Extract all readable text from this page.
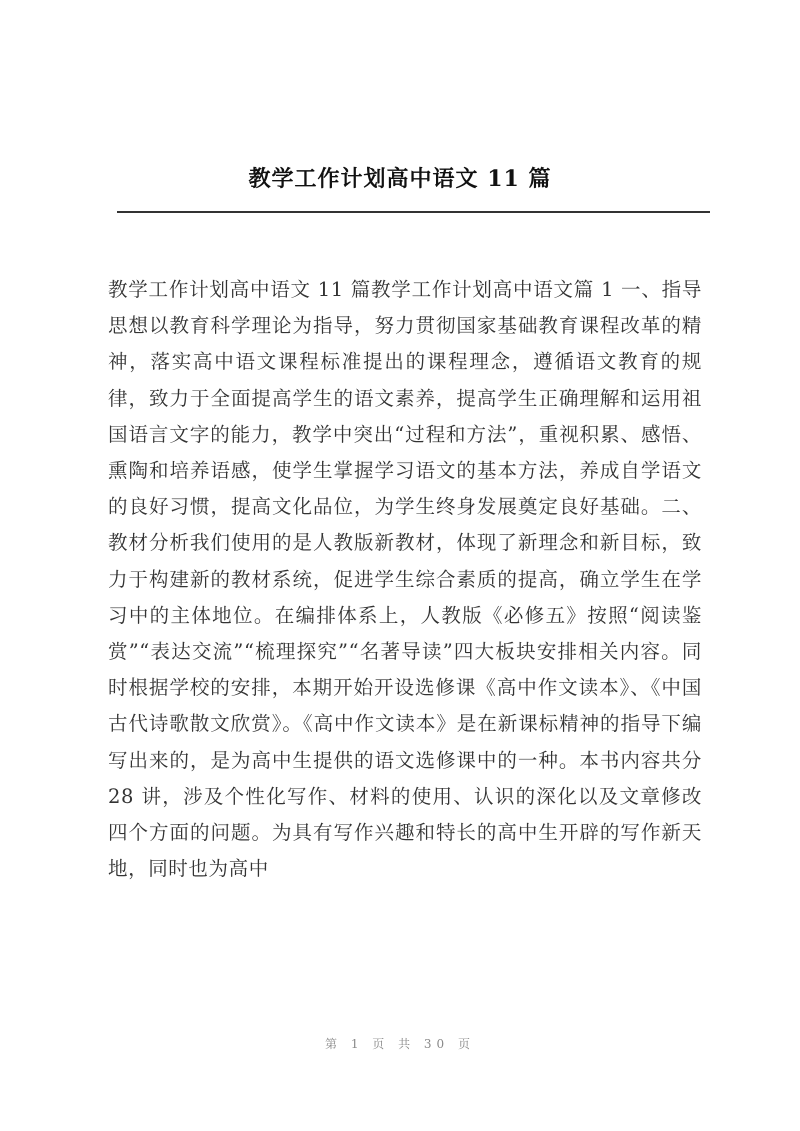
教学工作计划高中语文 11 篇
教学工作计划高中语文 11 篇教学工作计划高中语文篇 1 一、指导思想以教育科学理论为指导，努力贯彻国家基础教育课程改革的精神，落实高中语文课程标准提出的课程理念，遵循语文教育的规律，致力于全面提高学生的语文素养，提高学生正确理解和运用祖国语言文字的能力，教学中突出“过程和方法”，重视积累、感悟、熏陶和培养语感，使学生掌握学习语文的基本方法，养成自学语文的良好习惯，提高文化品位，为学生终身发展奠定良好基础。二、教材分析我们使用的是人教版新教材，体现了新理念和新目标，致力于构建新的教材系统，促进学生综合素质的提高，确立学生在学习中的主体地位。在编排体系上，人教版《必修五》按照“阅读鉴赏”“表达交流”“梳理探究”“名著导读”四大板块安排相关内容。同时根据学校的安排，本期开始开设选修课《高中作文读本》、《中国古代诗歌散文欣赏》。《高中作文读本》是在新课标精神的指导下编写出来的，是为高中生提供的语文选修课中的一种。本书内容共分 28 讲，涉及个性化写作、材料的使用、认识的深化以及文章修改四个方面的问题。为具有写作兴趣和特长的高中生开辟的写作新天地，同时也为高中
第 1 页 共 30 页
